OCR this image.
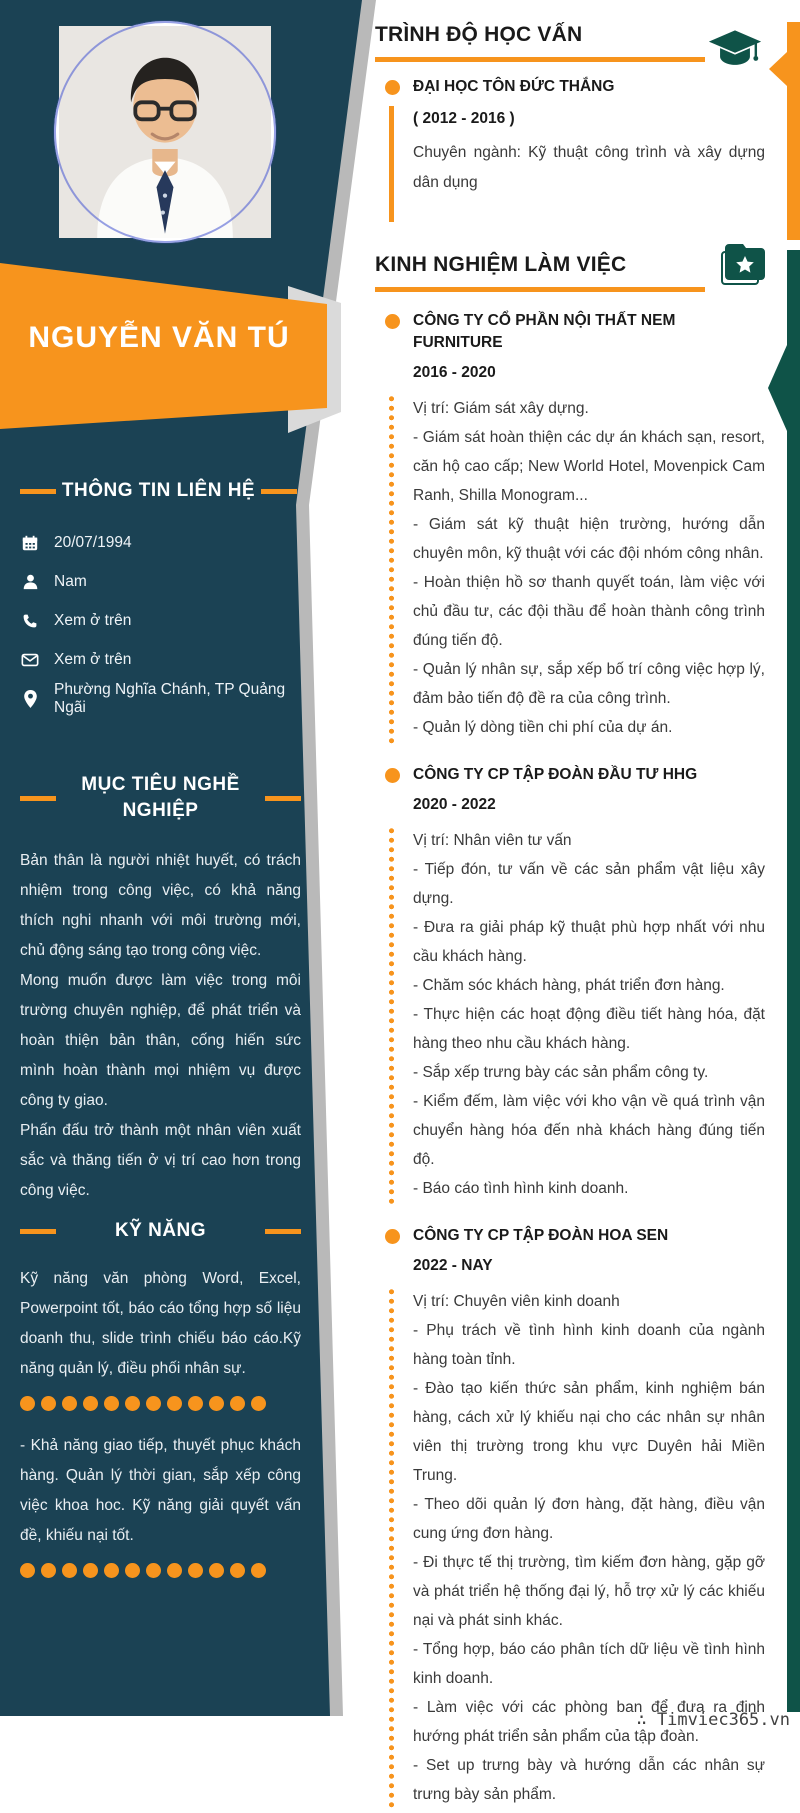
NGUYỄN VĂN TÚ
THÔNG TIN LIÊN HỆ
20/07/1994
Nam
Xem ở trên
Xem ở trên
Phường Nghĩa Chánh, TP Quảng Ngãi
MỤC TIÊU NGHỀ
NGHIỆP

Bản thân là người nhiệt huyết, có trách nhiệm trong công việc, có khả năng thích nghi nhanh với môi trường mới, chủ động sáng tạo trong công việc.

Mong muốn được làm việc trong môi trường chuyên nghiệp, để phát triển và hoàn thiện bản thân, cống hiến sức mình hoàn thành mọi nhiệm vụ được công ty giao.

Phấn đấu trở thành một nhân viên xuất sắc và thăng tiến ở vị trí cao hơn trong công việc.

KỸ NĂNG

Kỹ năng văn phòng Word, Excel, Powerpoint tốt, báo cáo tổng hợp số liệu doanh thu, slide trình chiếu báo cáo.Kỹ năng quản lý, điều phối nhân sự.

- Khả năng giao tiếp, thuyết phục khách hàng. Quản lý thời gian, sắp xếp công việc khoa hoc. Kỹ năng giải quyết vấn đề, khiếu nại tốt.

TRÌNH ĐỘ HỌC VẤN

ĐẠI HỌC TÔN ĐỨC THẮNG

( 2012 - 2016 )

Chuyên ngành: Kỹ thuật công trình và xây dựng dân dụng

KINH NGHIỆM LÀM VIỆC

CÔNG TY CỔ PHẦN NỘI THẤT NEM FURNITURE

2016 - 2020

Vị trí: Giám sát xây dựng.

- Giám sát hoàn thiện các dự án khách sạn, resort, căn hộ cao cấp; New World Hotel, Movenpick Cam Ranh, Shilla Monogram...

- Giám sát kỹ thuật hiện trường, hướng dẫn chuyên môn, kỹ thuật với các đội nhóm công nhân.

- Hoàn thiện hồ sơ thanh quyết toán, làm việc với chủ đầu tư, các đội thầu để hoàn thành công trình đúng tiến độ.

- Quản lý nhân sự, sắp xếp bố trí công việc hợp lý, đảm bảo tiến độ đề ra của công trình.

- Quản lý dòng tiền chi phí của dự án.

CÔNG TY CP TẬP ĐOÀN ĐẦU TƯ HHG

2020 - 2022

Vị trí: Nhân viên tư vấn

- Tiếp đón, tư vấn về các sản phẩm vật liệu xây dựng.

- Đưa ra giải pháp kỹ thuật phù hợp nhất với nhu cầu khách hàng.

- Chăm sóc khách hàng, phát triển đơn hàng.

- Thực hiện các hoạt động điều tiết hàng hóa, đặt hàng theo nhu cầu khách hàng.

- Sắp xếp trưng bày các sản phẩm công ty.

- Kiểm đếm, làm việc với kho vận về quá trình vận chuyển hàng hóa đến nhà khách hàng đúng tiến độ.

- Báo cáo tình hình kinh doanh.

CÔNG TY CP TẬP ĐOÀN HOA SEN

2022 - NAY

Vị trí: Chuyên viên kinh doanh

- Phụ trách về tình hình kinh doanh của ngành hàng toàn tỉnh.

- Đào tạo kiến thức sản phẩm, kinh nghiệm bán hàng, cách xử lý khiếu nại cho các nhân sự nhân viên thị trường trong khu vực Duyên hải Miền Trung.

- Theo dõi quản lý đơn hàng, đặt hàng, điều vận cung ứng đơn hàng.

- Đi thực tế thị trường, tìm kiếm đơn hàng, gặp gỡ và phát triển hệ thống đại lý, hỗ trợ xử lý các khiếu nại và phát sinh khác.

- Tổng hợp, báo cáo phân tích dữ liệu về tình hình kinh doanh.

- Làm việc với các phòng ban để đưa ra định hướng phát triển sản phẩm của tập đoàn.

- Set up trưng bày và hướng dẫn các nhân sự trưng bày sản phẩm.

∴ Timviec365.vn
